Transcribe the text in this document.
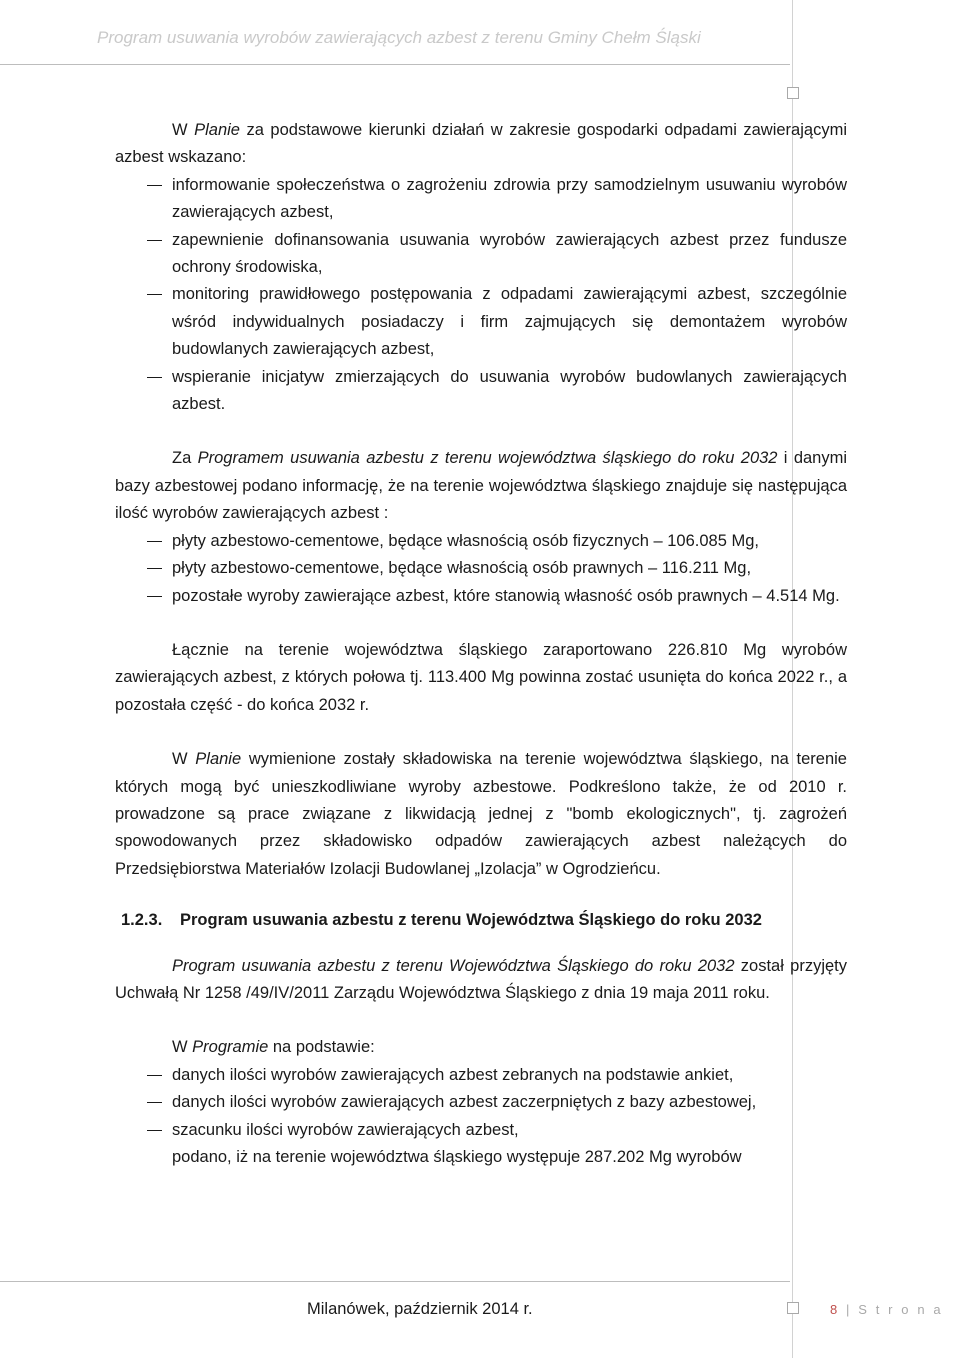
Program usuwania wyrobów zawierających azbest z terenu Gminy Chełm Śląski

W Planie za podstawowe kierunki działań w zakresie gospodarki odpadami zawierającymi azbest wskazano:

informowanie społeczeństwa o zagrożeniu zdrowia przy samodzielnym usuwaniu wyrobów zawierających azbest,
zapewnienie dofinansowania usuwania wyrobów zawierających azbest przez fundusze ochrony środowiska,
monitoring prawidłowego postępowania z odpadami zawierającymi azbest, szczególnie wśród indywidualnych posiadaczy i firm zajmujących się demontażem wyrobów budowlanych zawierających azbest,
wspieranie inicjatyw zmierzających do usuwania wyrobów budowlanych zawierających azbest.

Za Programem usuwania azbestu z terenu województwa śląskiego do roku 2032 i danymi bazy azbestowej podano informację, że na terenie województwa śląskiego znajduje się następująca ilość wyrobów zawierających azbest :

płyty azbestowo-cementowe, będące własnością osób fizycznych – 106.085 Mg,
płyty azbestowo-cementowe, będące własnością osób prawnych – 116.211 Mg,
pozostałe wyroby zawierające azbest, które stanowią własność osób prawnych – 4.514 Mg.

Łącznie na terenie województwa śląskiego zaraportowano 226.810 Mg wyrobów zawierających azbest, z których połowa tj. 113.400 Mg powinna zostać usunięta do końca 2022 r., a pozostała część - do końca 2032 r.

W Planie wymienione zostały składowiska na terenie województwa śląskiego, na terenie których mogą być unieszkodliwiane wyroby azbestowe. Podkreślono także, że od 2010 r. prowadzone są prace związane z likwidacją jednej z "bomb ekologicznych", tj. zagrożeń spowodowanych przez składowisko odpadów zawierających azbest należących do Przedsiębiorstwa Materiałów Izolacji Budowlanej „Izolacja” w Ogrodzieńcu.

1.2.3. Program usuwania azbestu z terenu Województwa Śląskiego do roku 2032

Program usuwania azbestu z terenu Województwa Śląskiego do roku 2032 został przyjęty Uchwałą Nr 1258 /49/IV/2011 Zarządu Województwa Śląskiego z dnia 19 maja 2011 roku.

W Programie na podstawie:

danych ilości wyrobów zawierających azbest zebranych na podstawie ankiet,
danych ilości wyrobów zawierających azbest zaczerpniętych z bazy azbestowej,
szacunku ilości wyrobów zawierających azbest,

podano, iż na terenie województwa śląskiego występuje 287.202 Mg wyrobów

Milanówek, październik 2014 r.	8 | S t r o n a
